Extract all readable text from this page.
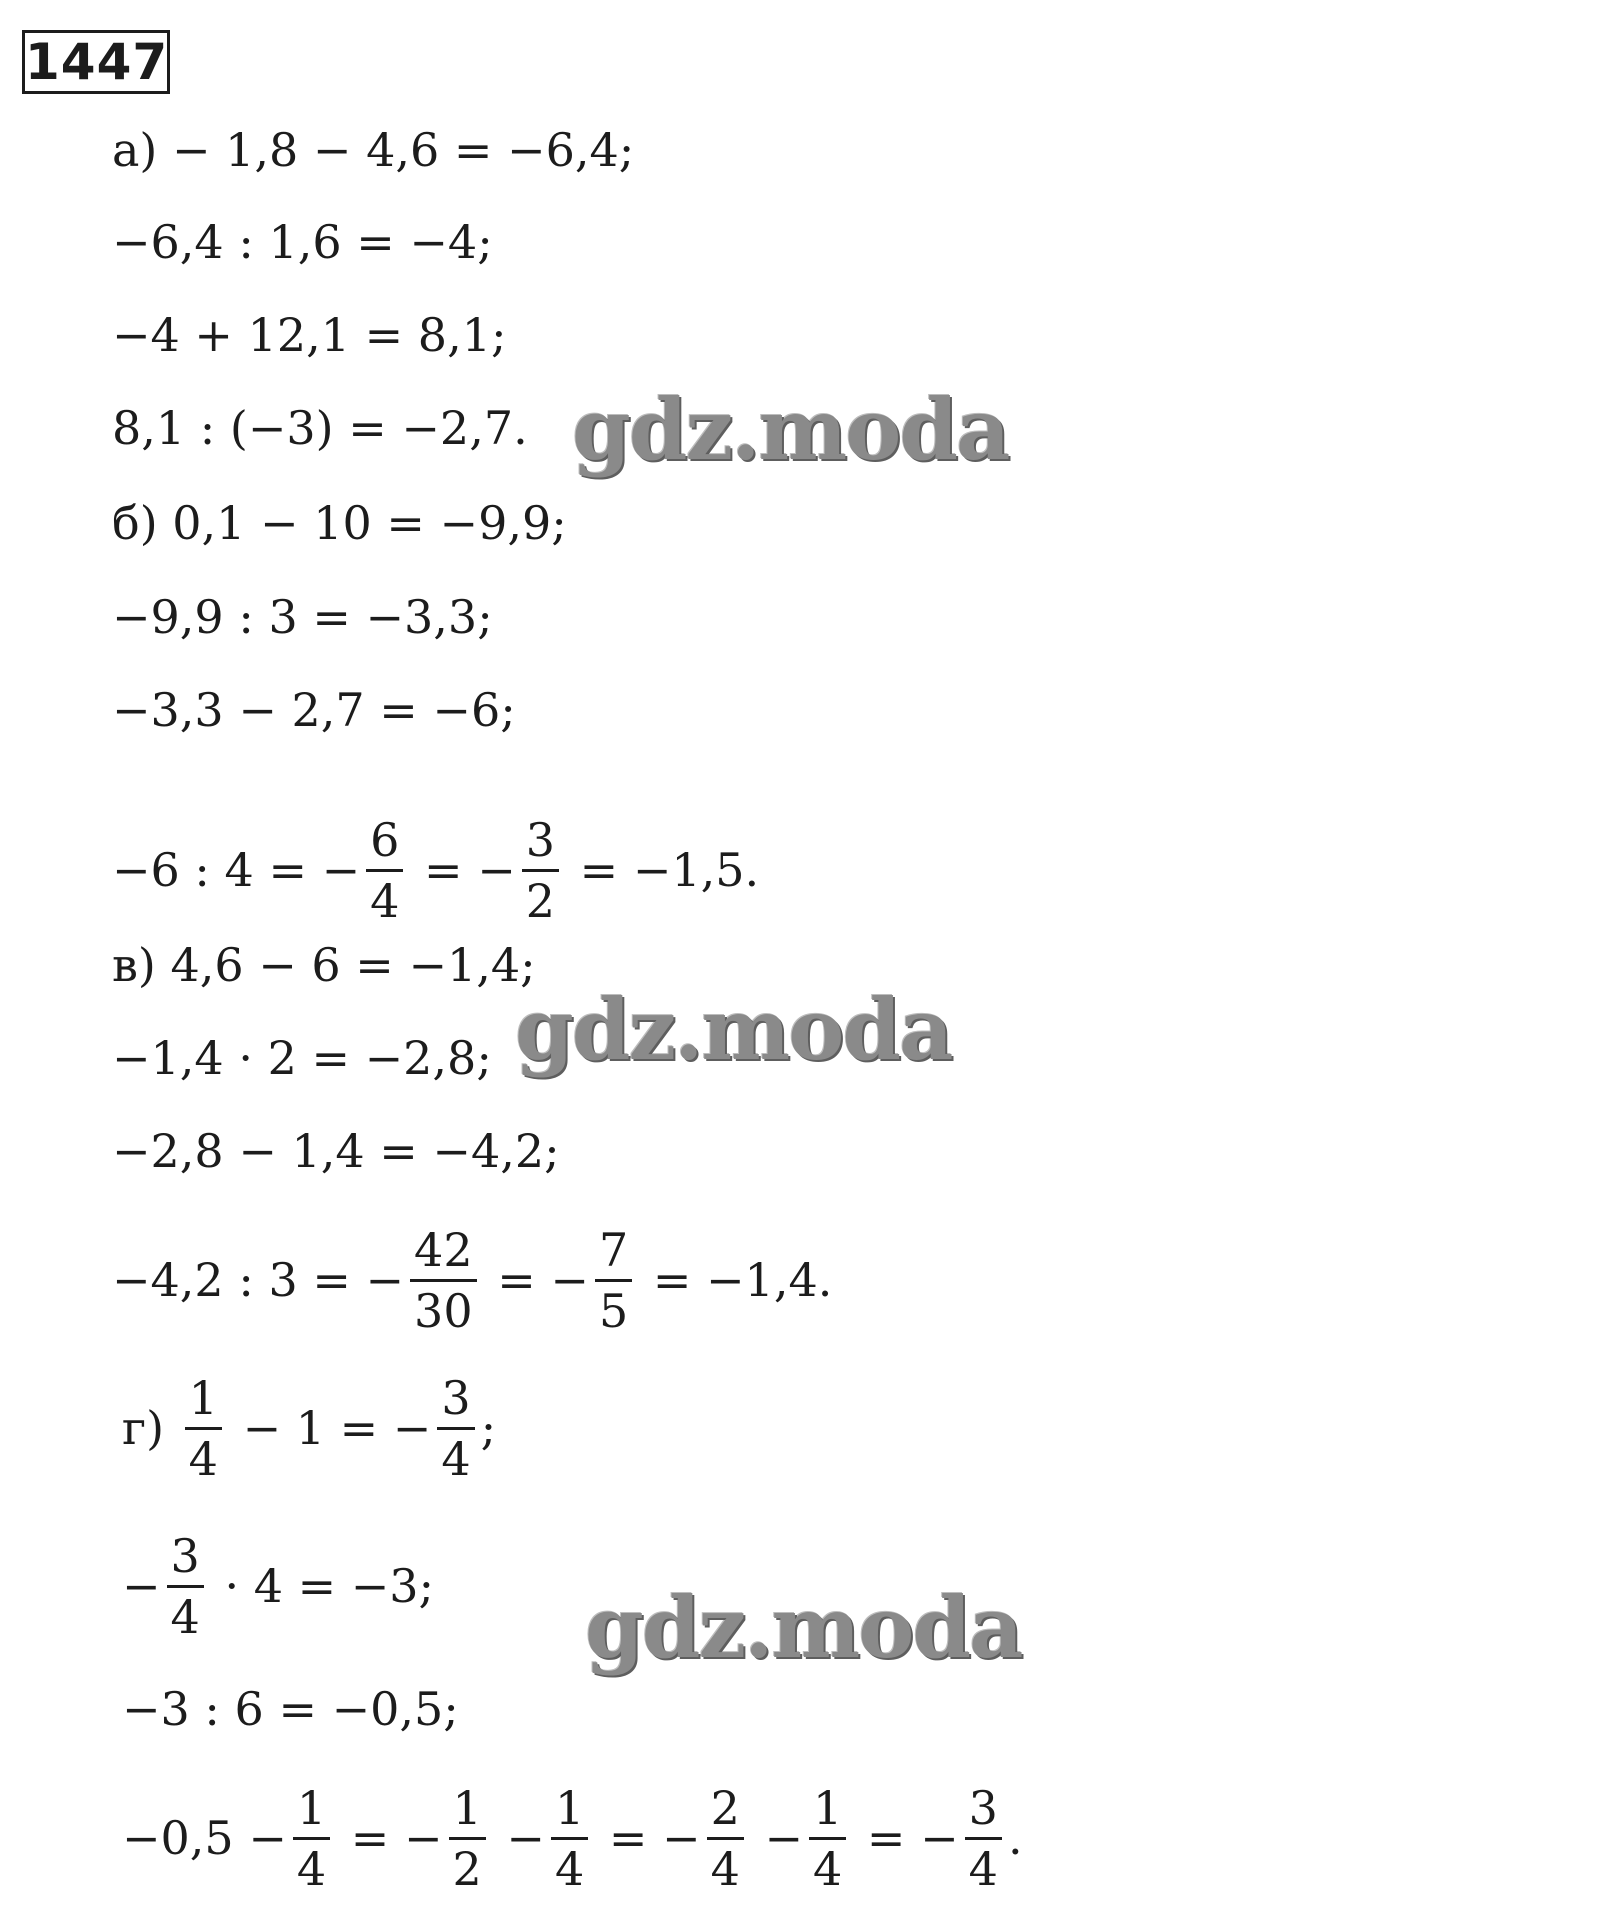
1447
а) − 1,8 − 4,6 = −6,4;
−6,4 : 1,6 = −4;
−4 + 12,1 = 8,1;
8,1 : (−3) = −2,7.
б) 0,1 − 10 = −9,9;
−9,9 : 3 = −3,3;
−3,3 − 2,7 = −6;
−6 : 4 = − $\frac{6}{4}$ = − $\frac{3}{2} = -1,5$.
в) 4,6 − 6 = −1,4;
−1,4 · 2 = −2,8;
−2,8 − 1,4 = −4,2;
−4,2 : 3 = − $\frac{42}{30}$ = − $\frac{7}{5} = -1,4$.
$г) \frac{1}{4} - 1$ = − $\frac{3}{4}$ ;
− $\frac{3}{4} \cdot 4 = -3$;
−3 : 6 = −0,5;
$-0,5 - \frac{1}{4}$ = − $\frac{1}{2} - \frac{1}{4}$ = − $\frac{2}{4} - \frac{1}{4}$ = − $\frac{3}{4}$ .
gdz.moda
gdz.moda
gdz.moda
